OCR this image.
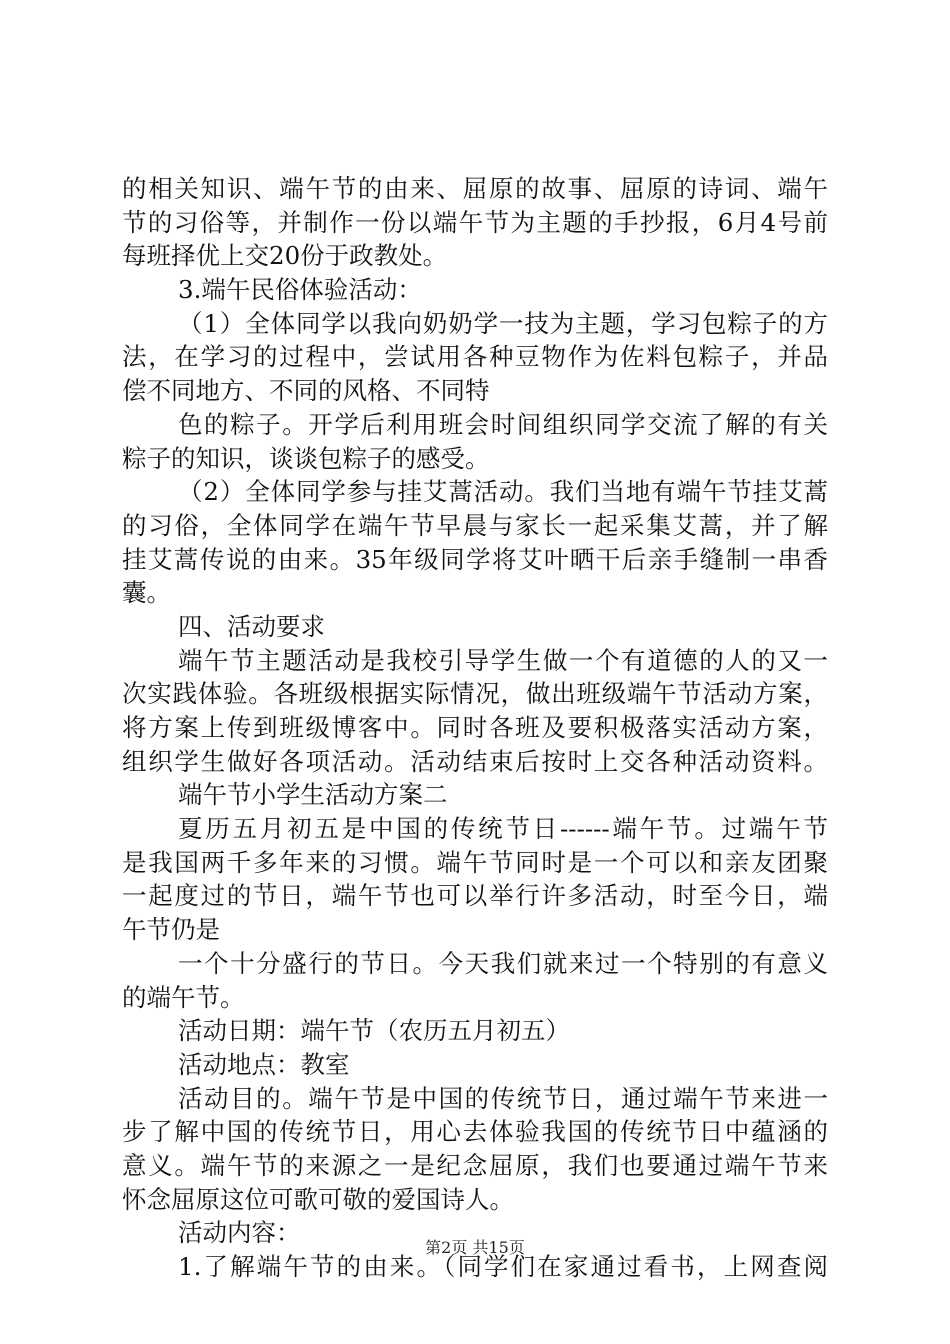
的相关知识、端午节的由来、屈原的故事、屈原的诗词、端午
节的习俗等，并制作一份以端午节为主题的手抄报，6月4号前
每班择优上交20份于政教处。
3.端午民俗体验活动：
（1）全体同学以我向奶奶学一技为主题，学习包粽子的方
法，在学习的过程中，尝试用各种豆物作为佐料包粽子，并品
偿不同地方、不同的风格、不同特
色的粽子。开学后利用班会时间组织同学交流了解的有关
粽子的知识，谈谈包粽子的感受。
（2）全体同学参与挂艾蒿活动。我们当地有端午节挂艾蒿
的习俗，全体同学在端午节早晨与家长一起采集艾蒿，并了解
挂艾蒿传说的由来。35年级同学将艾叶晒干后亲手缝制一串香
囊。
四、活动要求
端午节主题活动是我校引导学生做一个有道德的人的又一
次实践体验。各班级根据实际情况，做出班级端午节活动方案，
将方案上传到班级博客中。同时各班及要积极落实活动方案，
组织学生做好各项活动。活动结束后按时上交各种活动资料。
端午节小学生活动方案二
夏历五月初五是中国的传统节日------端午节。过端午节
是我国两千多年来的习惯。端午节同时是一个可以和亲友团聚
一起度过的节日，端午节也可以举行许多活动，时至今日，端
午节仍是
一个十分盛行的节日。今天我们就来过一个特别的有意义
的端午节。
活动日期：端午节（农历五月初五）
活动地点：教室
活动目的。端午节是中国的传统节日，通过端午节来进一
步了解中国的传统节日，用心去体验我国的传统节日中蕴涵的
意义。端午节的来源之一是纪念屈原，我们也要通过端午节来
怀念屈原这位可歌可敬的爱国诗人。
活动内容：
1.了解端午节的由来。（同学们在家通过看书，上网查阅
第2页 共15页
